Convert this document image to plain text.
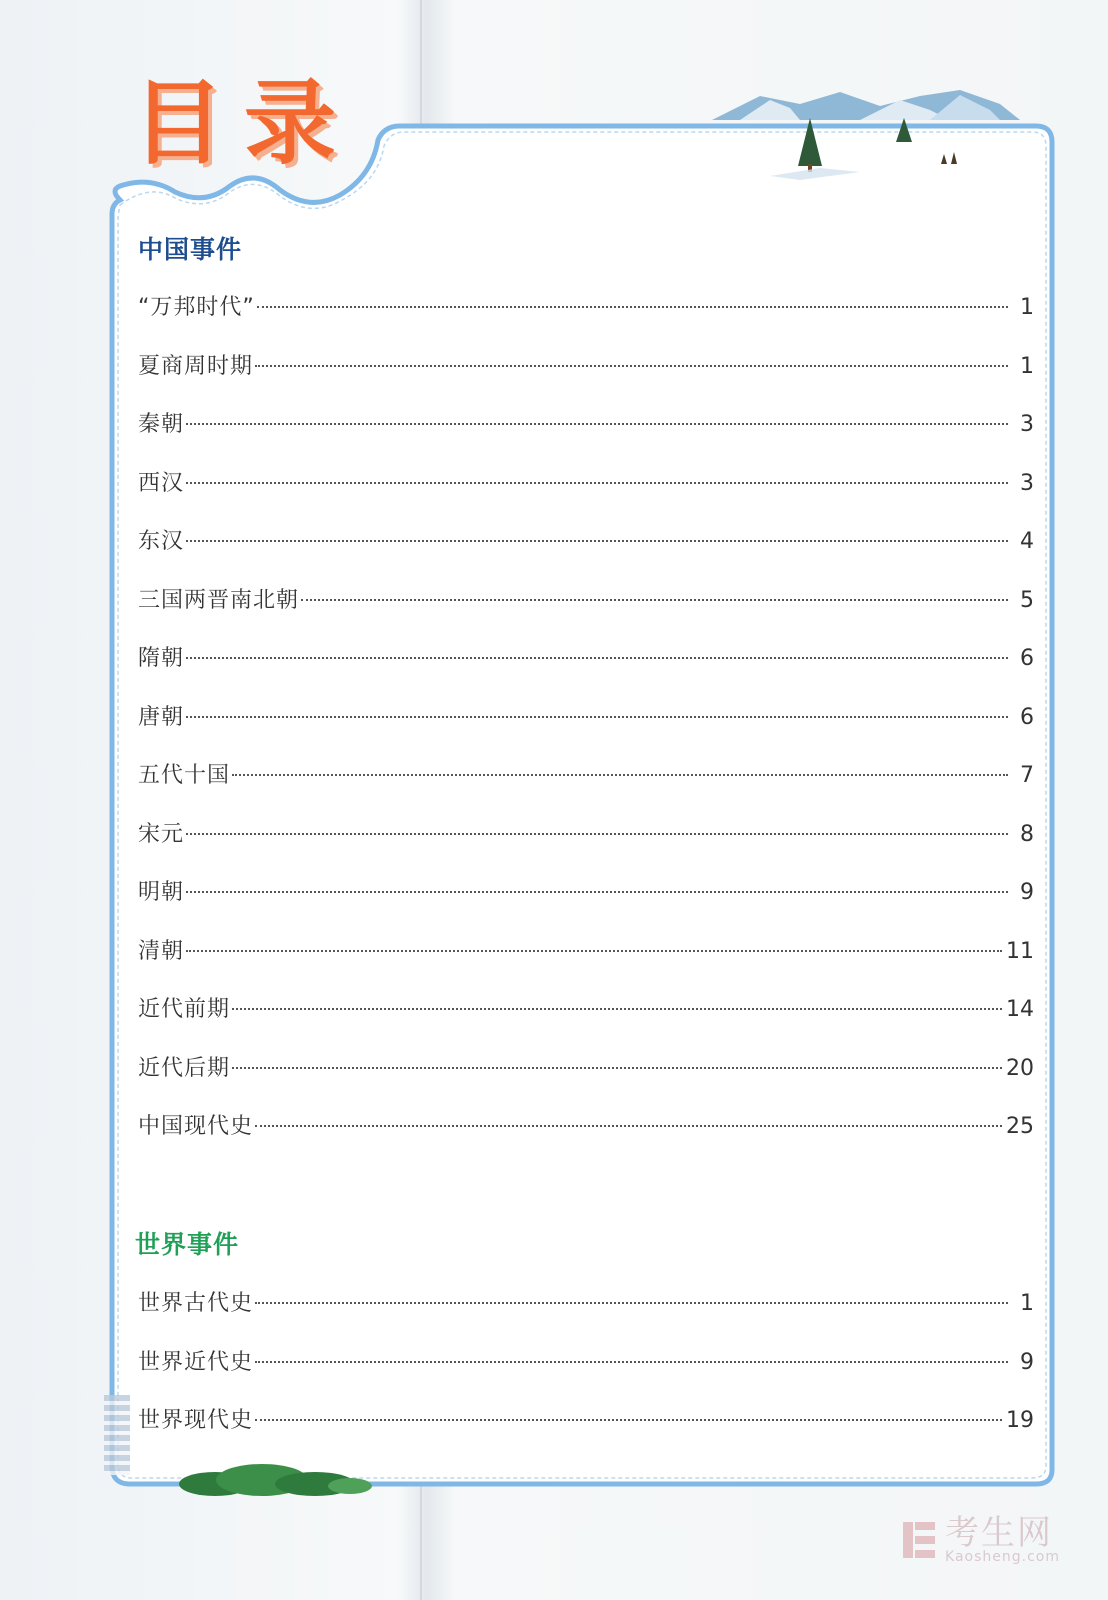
目录
中国事件
“万邦时代”	1
夏商周时期	1
秦朝	3
西汉	3
东汉	4
三国两晋南北朝	5
隋朝	6
唐朝	6
五代十国	7
宋元	8
明朝	9
清朝	11
近代前期	14
近代后期	20
中国现代史	25
世界事件
世界古代史	1
世界近代史	9
世界现代史	19
考生网
Kaosheng.com
